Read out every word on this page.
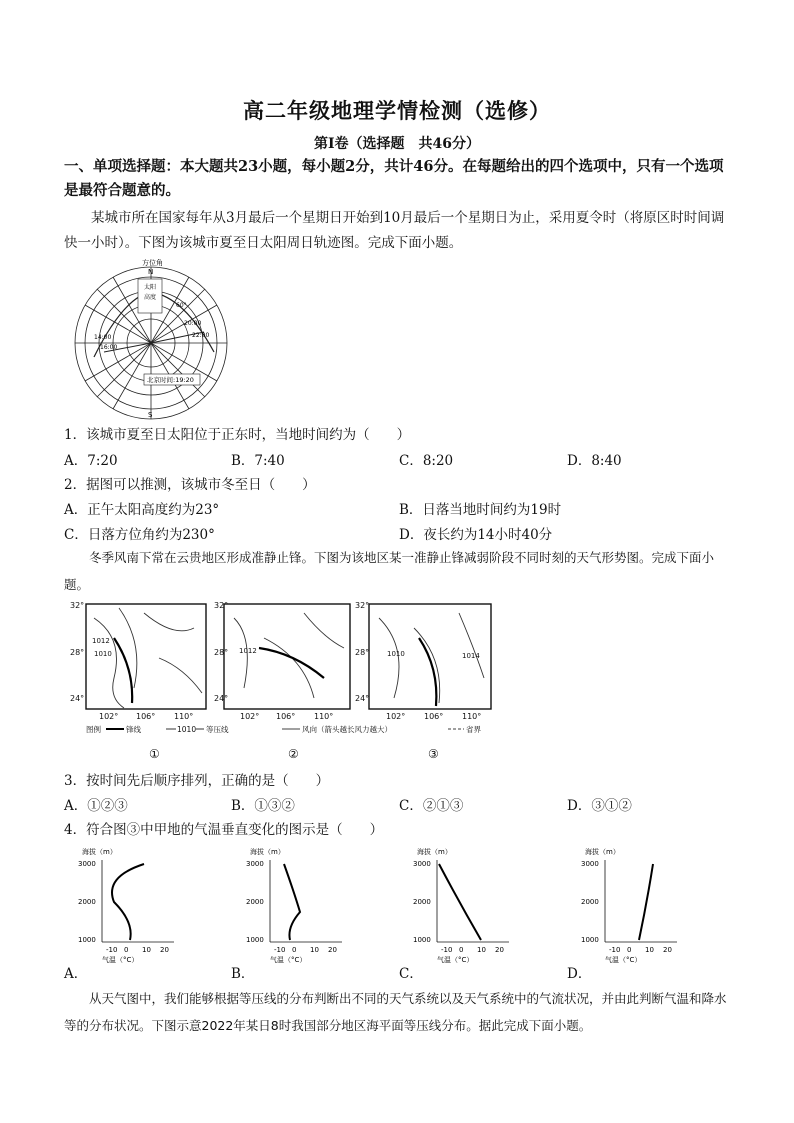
高二年级地理学情检测（选修）
第Ⅰ卷（选择题　共46分）
一、单项选择题：本大题共23小题，每小题2分，共计46分。在每题给出的四个选项中，只有一个选项是最符合题意的。
某城市所在国家每年从3月最后一个星期日开始到10月最后一个星期日为止，采用夏令时（将原区时时间调快一小时）。下图为该城市夏至日太阳周日轨迹图。完成下面小题。
太阳
高度
方位角
N
S
14:00
16:00
20:00
22:00
60°
北京时间:19:20
1．该城市夏至日太阳位于正东时，当地时间约为（　　）
A．7:20	B．7:40	C．8:20	D．8:40
2．据图可以推测，该城市冬至日（　　）
A．正午太阳高度约为23°	B．日落当地时间约为19时
C．日落方位角约为230°	D．夜长约为14小时40分
冬季风南下常在云贵地区形成准静止锋。下图为该地区某一准静止锋减弱阶段不同时刻的天气形势图。完成下面小题。
32°
28°
24°
32°
28°
24°
32°
28°
24°
1012
1010	1012	1010	1014
102° 106° 110°	102° 106° 110°	102° 106° 110°
图例	锋线	1010 等压线	风向（箭头越长风力越大）	省界
①	②	③
3．按时间先后顺序排列，正确的是（　　）
A．①②③	B．①③②	C．②①③	D．③①②
4．符合图③中甲地的气温垂直变化的图示是（　　）
海拔（m）
3000
2000
1000
-10 0 10 20
气温（°C）
海拔（m）
3000
2000
1000
-10 0 10 20
气温（°C）
海拔（m）
3000
2000
1000
-10 0 10 20
气温（°C）
海拔（m）
3000
2000
1000
-10 0 10 20
气温（°C）
A．	B．	C．	D．
从天气图中，我们能够根据等压线的分布判断出不同的天气系统以及天气系统中的气流状况，并由此判断气温和降水等的分布状况。下图示意2022年某日8时我国部分地区海平面等压线分布。据此完成下面小题。
